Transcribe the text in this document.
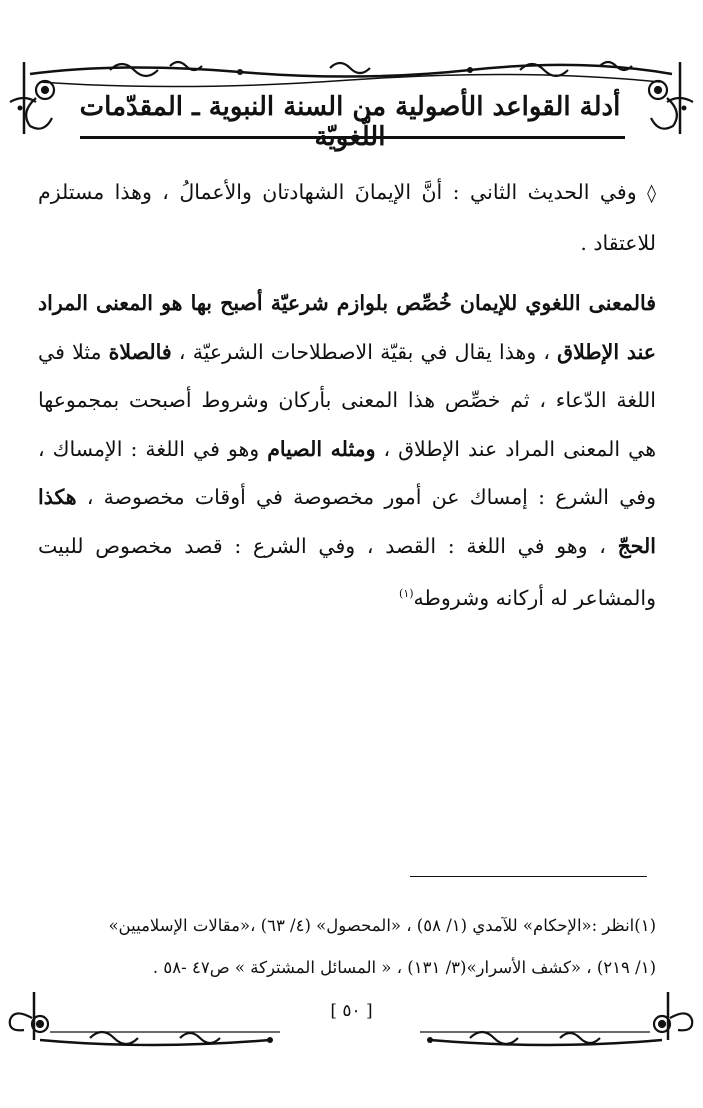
أدلة القواعد الأصولية من السنة النبوية ـ المقدّمات اللّغويّة

◊ وفي الحديث الثاني : أنَّ الإيمانَ الشهادتان والأعمالُ ، وهذا مستلزم للاعتقاد .

فالمعنى اللغوي للإيمان خُصِّص بلوازم شرعيّة أصبح بها هو المعنى المراد عند الإطلاق ، وهذا يقال في بقيّة الاصطلاحات الشرعيّة ، فالصلاة مثلا في اللغة الدّعاء ، ثم خصِّص هذا المعنى بأركان وشروط أصبحت بمجموعها هي المعنى المراد عند الإطلاق ، ومثله الصيام وهو في اللغة : الإمساك ، وفي الشرع : إمساك عن أمور مخصوصة في أوقات مخصوصة ، هكذا الحجّ ، وهو في اللغة : القصد ، وفي الشرع : قصد مخصوص للبيت والمشاعر له أركانه وشروطه$^{(١)}$

(١)انظر :«الإحكام» للآمدي (١/ ٥٨) ، «المحصول» (٤/ ٦٣) ،«مقالات الإسلاميين»

(١/ ٢١٩) ، «كشف الأسرار»(٣/ ١٣١) ، « المسائل المشتركة » ص٤٧ -٥٨ .

[ ٥٠ ]
